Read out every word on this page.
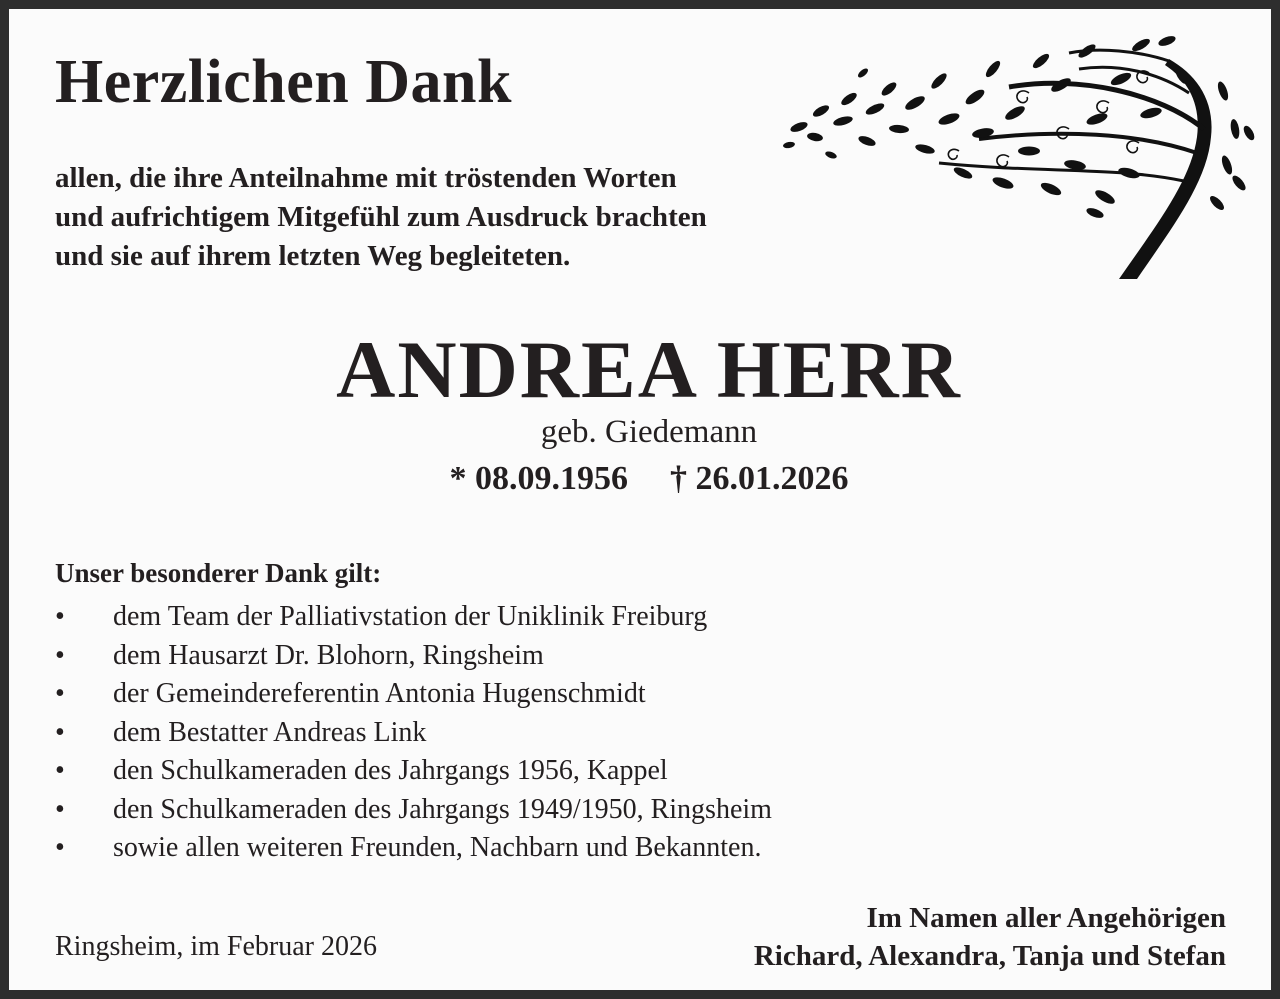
Herzlichen Dank
allen, die ihre Anteilnahme mit tröstenden Worten
und aufrichtigem Mitgefühl zum Ausdruck brachten
und sie auf ihrem letzten Weg begleiteten.
ANDREA HERR
geb. Giedemann
* 08.09.1956 † 26.01.2026
Unser besonderer Dank gilt:
• dem Team der Palliativstation der Uniklinik Freiburg
• dem Hausarzt Dr. Blohorn, Ringsheim
• der Gemeindereferentin Antonia Hugenschmidt
• dem Bestatter Andreas Link
• den Schulkameraden des Jahrgangs 1956, Kappel
• den Schulkameraden des Jahrgangs 1949/1950, Ringsheim
• sowie allen weiteren Freunden, Nachbarn und Bekannten.
Ringsheim, im Februar 2026
Im Namen aller Angehörigen
Richard, Alexandra, Tanja und Stefan
